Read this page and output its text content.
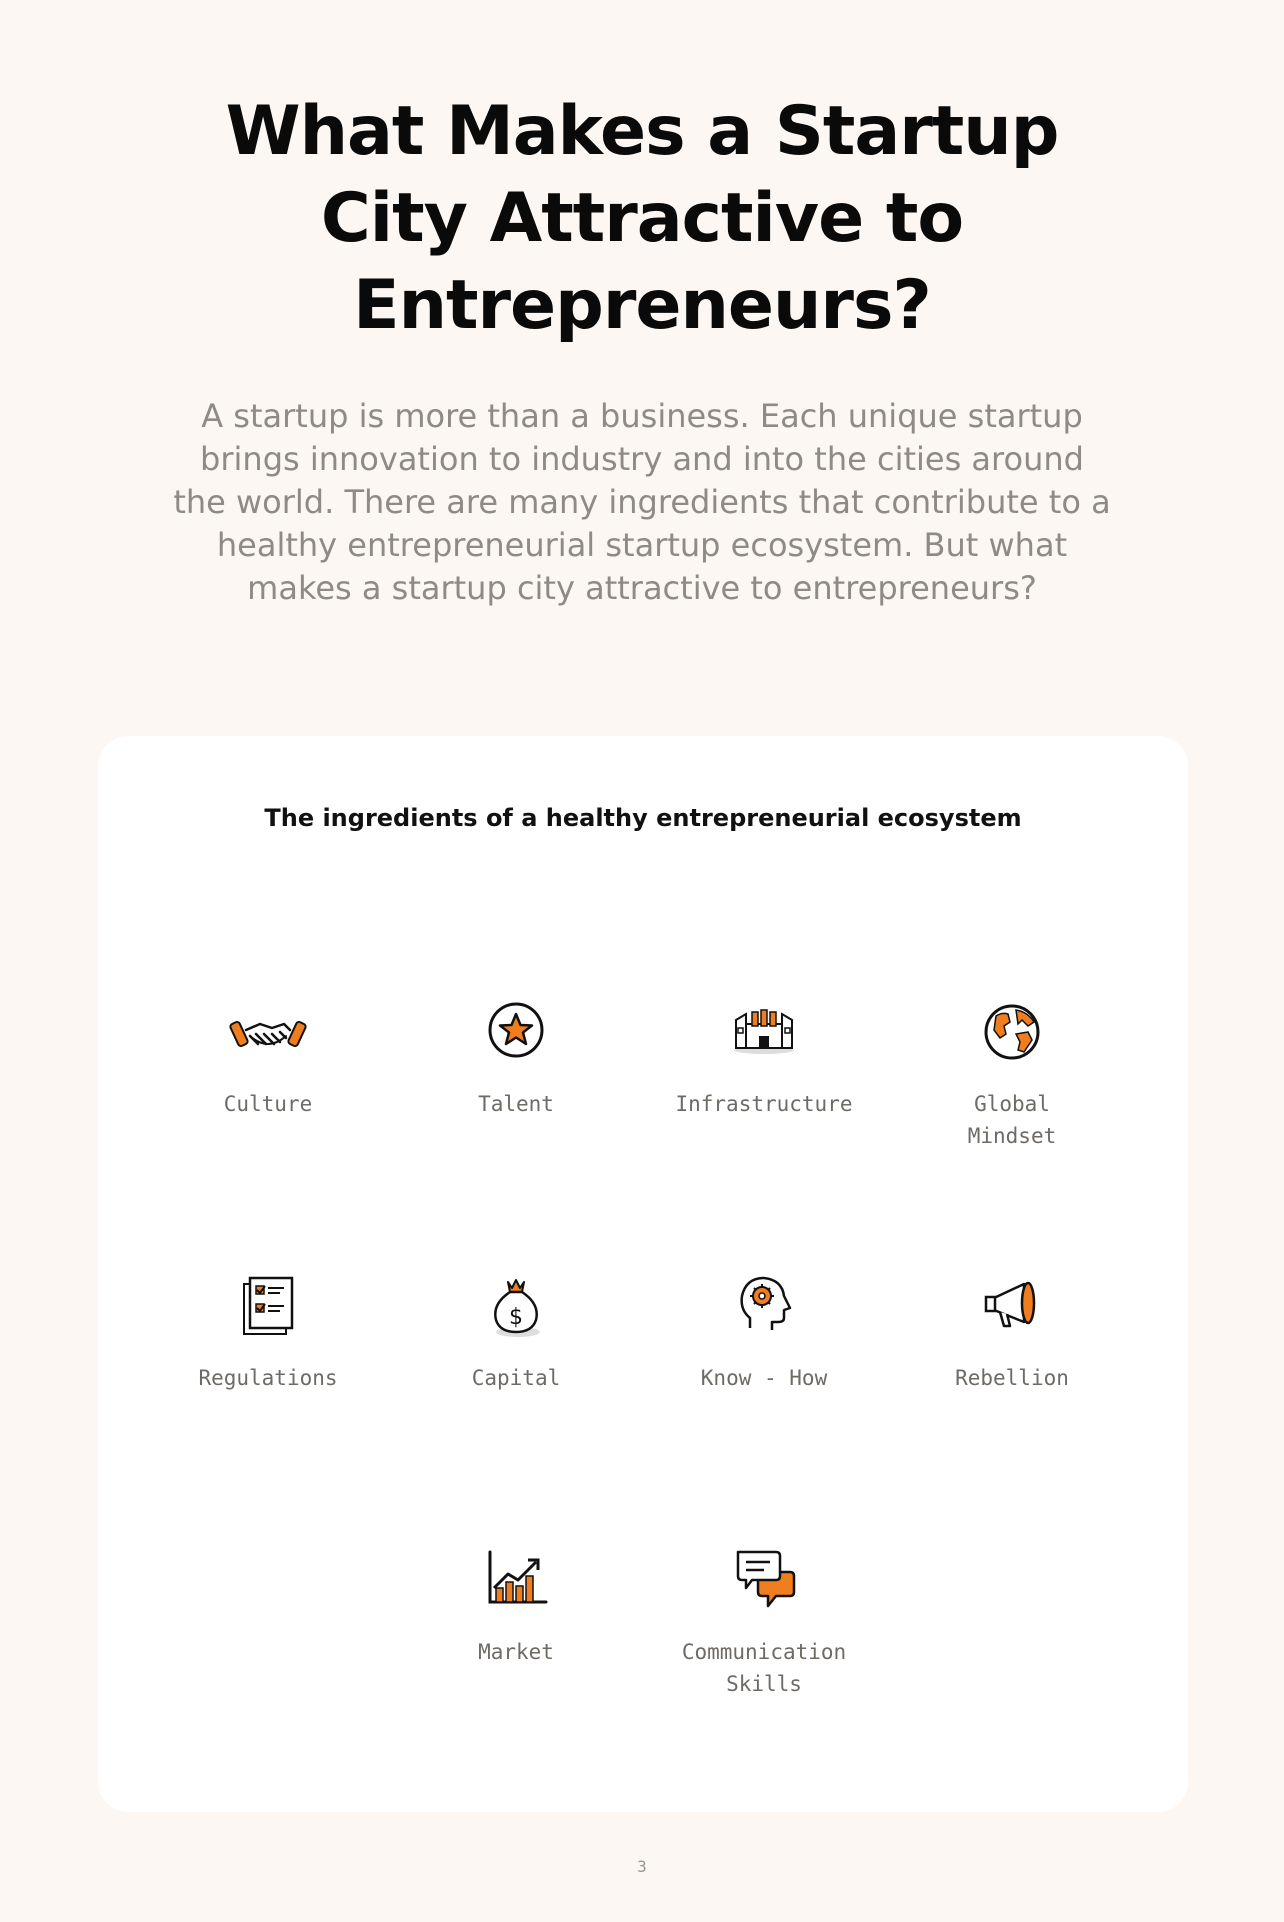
What Makes a Startup City Attractive to Entrepreneurs?

A startup is more than a business. Each unique startup brings innovation to industry and into the cities around the world. There are many ingredients that contribute to a healthy entrepreneurial startup ecosystem. But what makes a startup city attractive to entrepreneurs?

The ingredients of a healthy entrepreneurial ecosystem
Culture	Talent	Infrastructure	Global
Mindset
Regulations
$
Capital	Know - How	Rebellion
Market	Communication
Skills
3
